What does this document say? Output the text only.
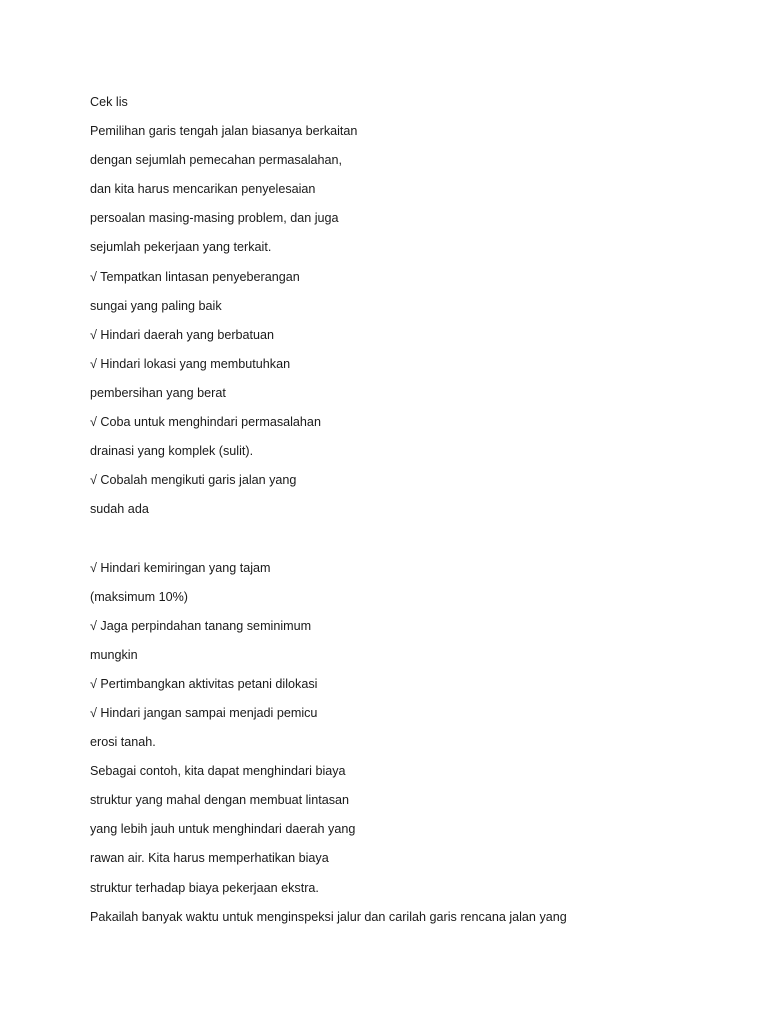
Cek lis
Pemilihan garis tengah jalan biasanya berkaitan
dengan sejumlah pemecahan permasalahan,
dan kita harus mencarikan penyelesaian
persoalan masing-masing problem, dan juga
sejumlah pekerjaan yang terkait.
√ Tempatkan lintasan penyeberangan
sungai yang paling baik
√ Hindari daerah yang berbatuan
√ Hindari lokasi yang membutuhkan
pembersihan yang berat
√ Coba untuk menghindari permasalahan
drainasi yang komplek (sulit).
√ Cobalah mengikuti garis jalan yang
sudah ada
√ Hindari kemiringan yang tajam
(maksimum 10%)
√ Jaga perpindahan tanang seminimum
mungkin
√ Pertimbangkan aktivitas petani dilokasi
√ Hindari jangan sampai menjadi pemicu
erosi tanah.
Sebagai contoh, kita dapat menghindari biaya
struktur yang mahal dengan membuat lintasan
yang lebih jauh untuk menghindari daerah yang
rawan air. Kita harus memperhatikan biaya
struktur terhadap biaya pekerjaan ekstra.
Pakailah banyak waktu untuk menginspeksi jalur dan carilah garis rencana jalan yang
